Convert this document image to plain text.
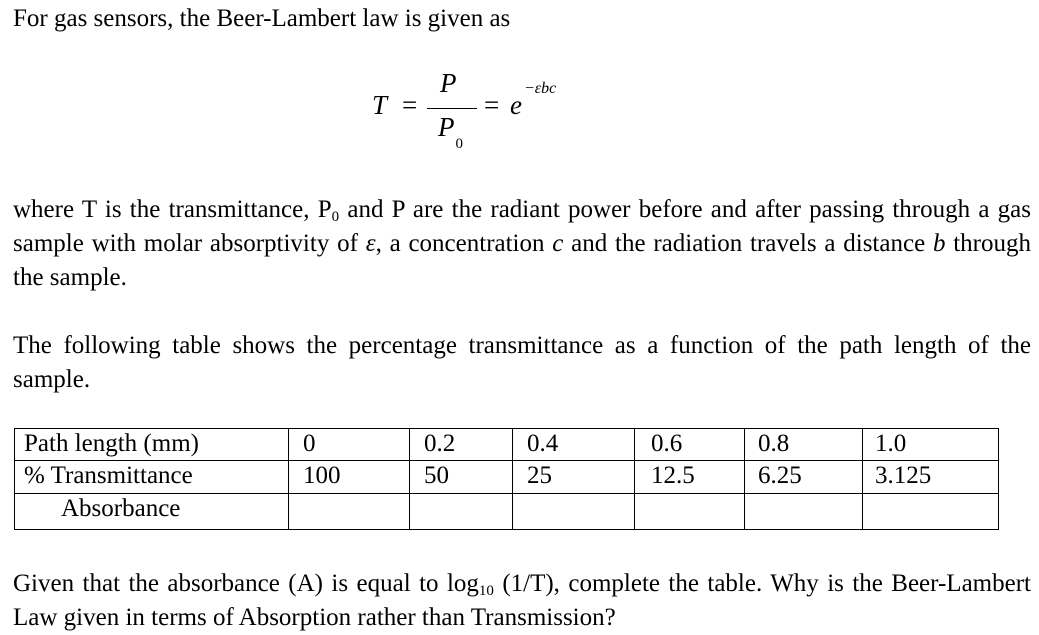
For gas sensors, the Beer-Lambert law is given as

T =
P
$P_0$
= e
−εbc

where T is the transmittance, $P_0$ and P are the radiant power before and after passing through a gas sample with molar absorptivity of ε, a concentration c and the radiation travels a distance b through the sample.

The following table shows the percentage transmittance as a function of the path length of the sample.

Path length (mm)	0	0.2	0.4	0.6	0.8	1.0
% Transmittance	100	50	25	12.5	6.25	3.125
Absorbance						

Given that the absorbance (A) is equal to $\log_{10} (1/T)$, complete the table. Why is the Beer-Lambert Law given in terms of Absorption rather than Transmission?
